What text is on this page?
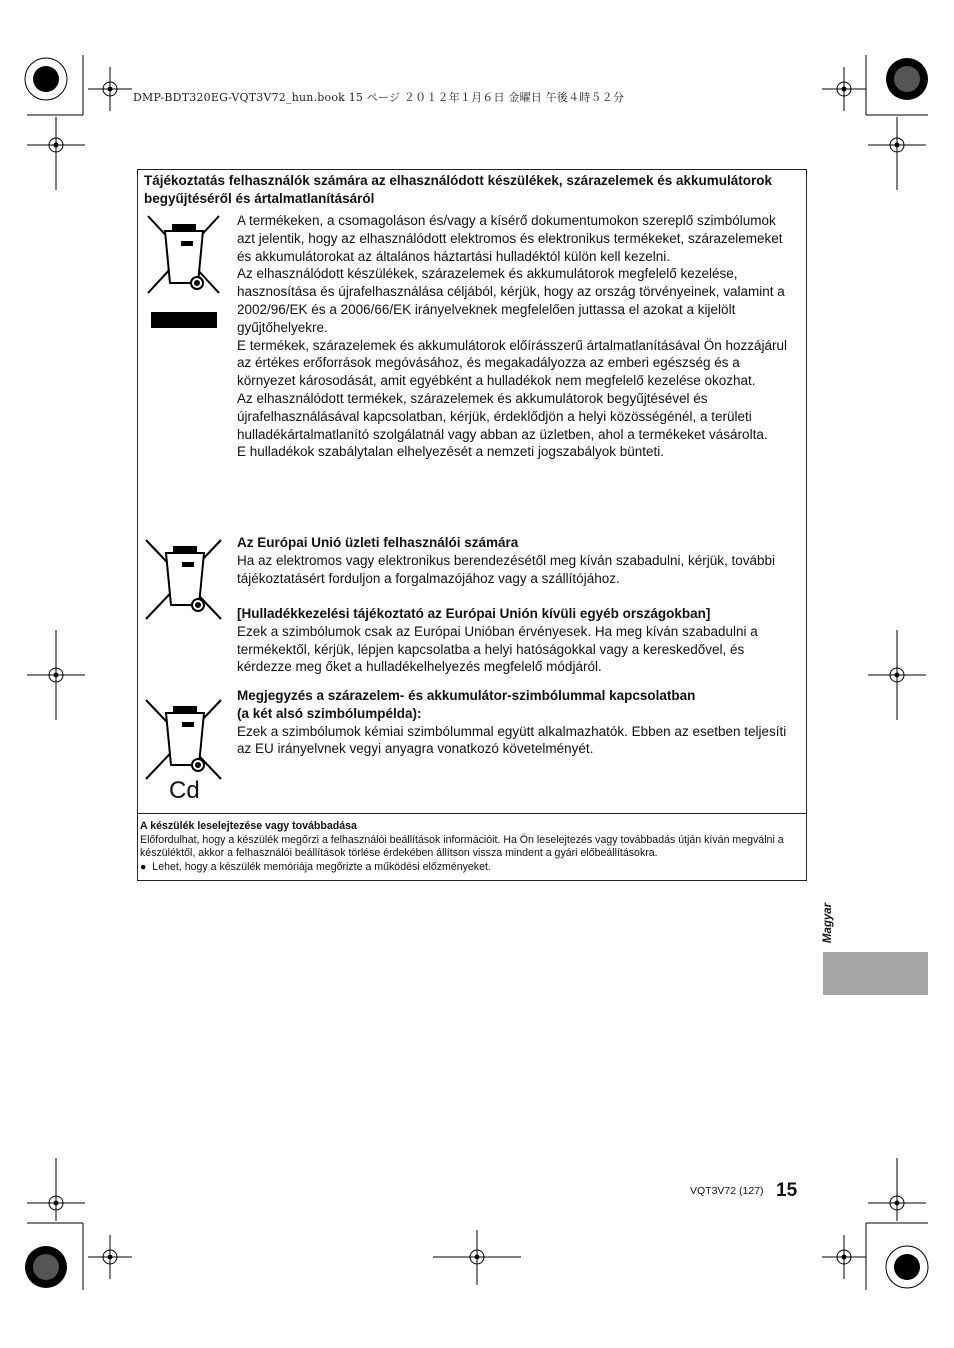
DMP-BDT320EG-VQT3V72_hun.book 15 ページ ２０１２年１月６日 金曜日 午後４時５２分
Tájékoztatás felhasználók számára az elhasználódott készülékek, szárazelemek és akkumulátorok begyűjtéséről és ártalmatlanításáról
Cd
A termékeken, a csomagoláson és/vagy a kísérő dokumentumokon szereplő szimbólumok azt jelentik, hogy az elhasználódott elektromos és elektronikus termékeket, szárazelemeket és akkumulátorokat az általános háztartási hulladéktól külön kell kezelni.
Az elhasználódott készülékek, szárazelemek és akkumulátorok megfelelő kezelése, hasznosítása és újrafelhasználása céljából, kérjük, hogy az ország törvényeinek, valamint a 2002/96/EK és a 2006/66/EK irányelveknek megfelelően juttassa el azokat a kijelölt gyűjtőhelyekre.
E termékek, szárazelemek és akkumulátorok előírásszerű ártalmatlanításával Ön hozzájárul az értékes erőforrások megóvásához, és megakadályozza az emberi egészség és a környezet károsodását, amit egyébként a hulladékok nem megfelelő kezelése okozhat.
Az elhasználódott termékek, szárazelemek és akkumulátorok begyűjtésével és újrafelhasználásával kapcsolatban, kérjük, érdeklődjön a helyi közösségénél, a területi hulladékártalmatlanító szolgálatnál vagy abban az üzletben, ahol a termékeket vásárolta.
E hulladékok szabálytalan elhelyezését a nemzeti jogszabályok bünteti.
Az Európai Unió üzleti felhasználói számára
Ha az elektromos vagy elektronikus berendezésétől meg kíván szabadulni, kérjük, további tájékoztatásért forduljon a forgalmazójához vagy a szállítójához.
[Hulladékkezelési tájékoztató az Európai Unión kívüli egyéb országokban]
Ezek a szimbólumok csak az Európai Unióban érvényesek. Ha meg kíván szabadulni a termékektől, kérjük, lépjen kapcsolatba a helyi hatóságokkal vagy a kereskedővel, és kérdezze meg őket a hulladékelhelyezés megfelelő módjáról.
Megjegyzés a szárazelem- és akkumulátor-szimbólummal kapcsolatban
(a két alsó szimbólumpélda):
Ezek a szimbólumok kémiai szimbólummal együtt alkalmazhatók. Ebben az esetben teljesíti az EU irányelvnek vegyi anyagra vonatkozó követelményét.
A készülék leselejtezése vagy továbbadása
Előfordulhat, hogy a készülék megőrzi a felhasználói beállítások információit. Ha Ön leselejtezés vagy továbbadás útján kíván megválni a készüléktől, akkor a felhasználói beállítások törlése érdekében állítson vissza mindent a gyári előbeállításokra.
● Lehet, hogy a készülék memóriája megőrizte a működési előzményeket.
Magyar
VQT3V72 (127) 15
